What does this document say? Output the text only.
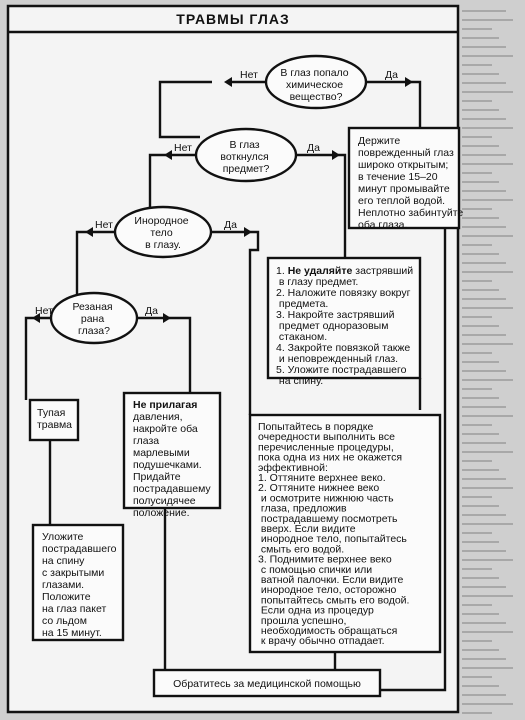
ТРАВМЫ ГЛАЗ
В глаз попало химическое вещество?
В глаз воткнулся предмет?
Инородное тело в глазу.
Резаная рана глаза?
Нет	Да
Нет	Да
Нет	Да
Нет	Да
Держите поврежденный глаз широко открытым; в течение 15–20 минут промывайте его теплой водой. Неплотно забинтуйте оба глаза.
1. Не удаляйте застрявший в глазу предмет. 2. Наложите повязку вокруг предмета. 3. Накройте застрявший предмет одноразовым стаканом. 4. Закройте повязкой также и неповрежденный глаз. 5. Уложите пострадавшего на спину.
Тупая травма
Не прилагая давления, накройте оба глаза марлевыми подушечками. Придайте пострадавшему полусидячее положение.
Уложите пострадавшего на спину с закрытыми глазами. Положите на глаз пакет со льдом на 15 минут.
Попытайтесь в порядке очередности выполнить все перечисленные процедуры, пока одна из них не окажется эффективной: 1. Оттяните верхнее веко. 2. Оттяните нижнее веко и осмотрите нижнюю часть глаза, предложив пострадавшему посмотреть вверх. Если видите инородное тело, попытайтесь смыть его водой. 3. Поднимите верхнее веко с помощью спички или ватной палочки. Если видите инородное тело, осторожно попытайтесь смыть его водой. Если одна из процедур прошла успешно, необходимость обращаться к врачу обычно отпадает.
Обратитесь за медицинской помощью
